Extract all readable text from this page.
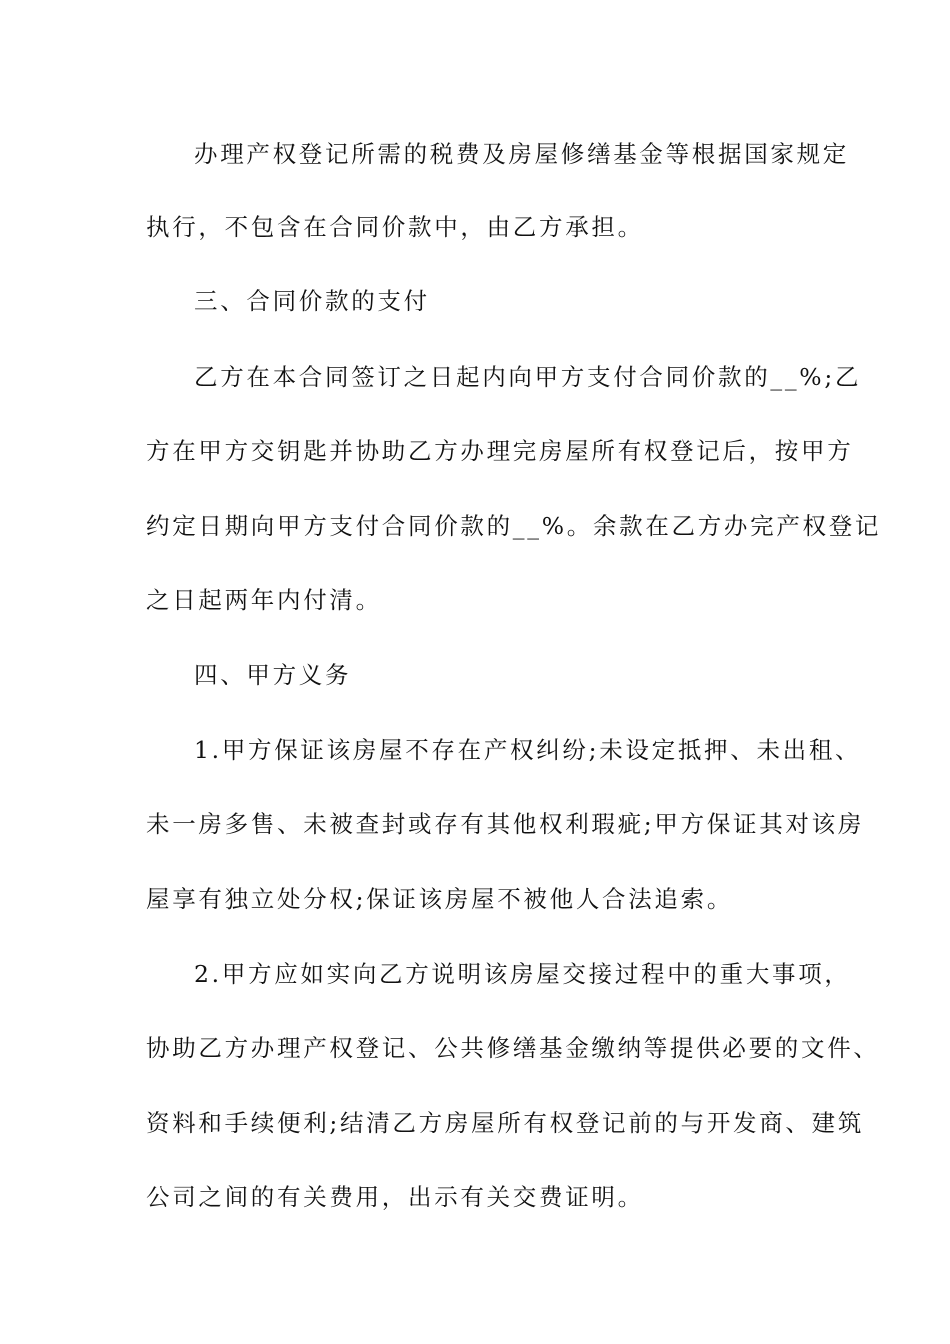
办理产权登记所需的税费及房屋修缮基金等根据国家规定
执行，不包含在合同价款中，由乙方承担。
三、合同价款的支付
乙方在本合同签订之日起内向甲方支付合同价款的__%;乙
方在甲方交钥匙并协助乙方办理完房屋所有权登记后，按甲方
约定日期向甲方支付合同价款的__%。余款在乙方办完产权登记
之日起两年内付清。
四、甲方义务
1.甲方保证该房屋不存在产权纠纷;未设定抵押、未出租、
未一房多售、未被查封或存有其他权利瑕疵;甲方保证其对该房
屋享有独立处分权;保证该房屋不被他人合法追索。
2.甲方应如实向乙方说明该房屋交接过程中的重大事项，
协助乙方办理产权登记、公共修缮基金缴纳等提供必要的文件、
资料和手续便利;结清乙方房屋所有权登记前的与开发商、建筑
公司之间的有关费用，出示有关交费证明。
